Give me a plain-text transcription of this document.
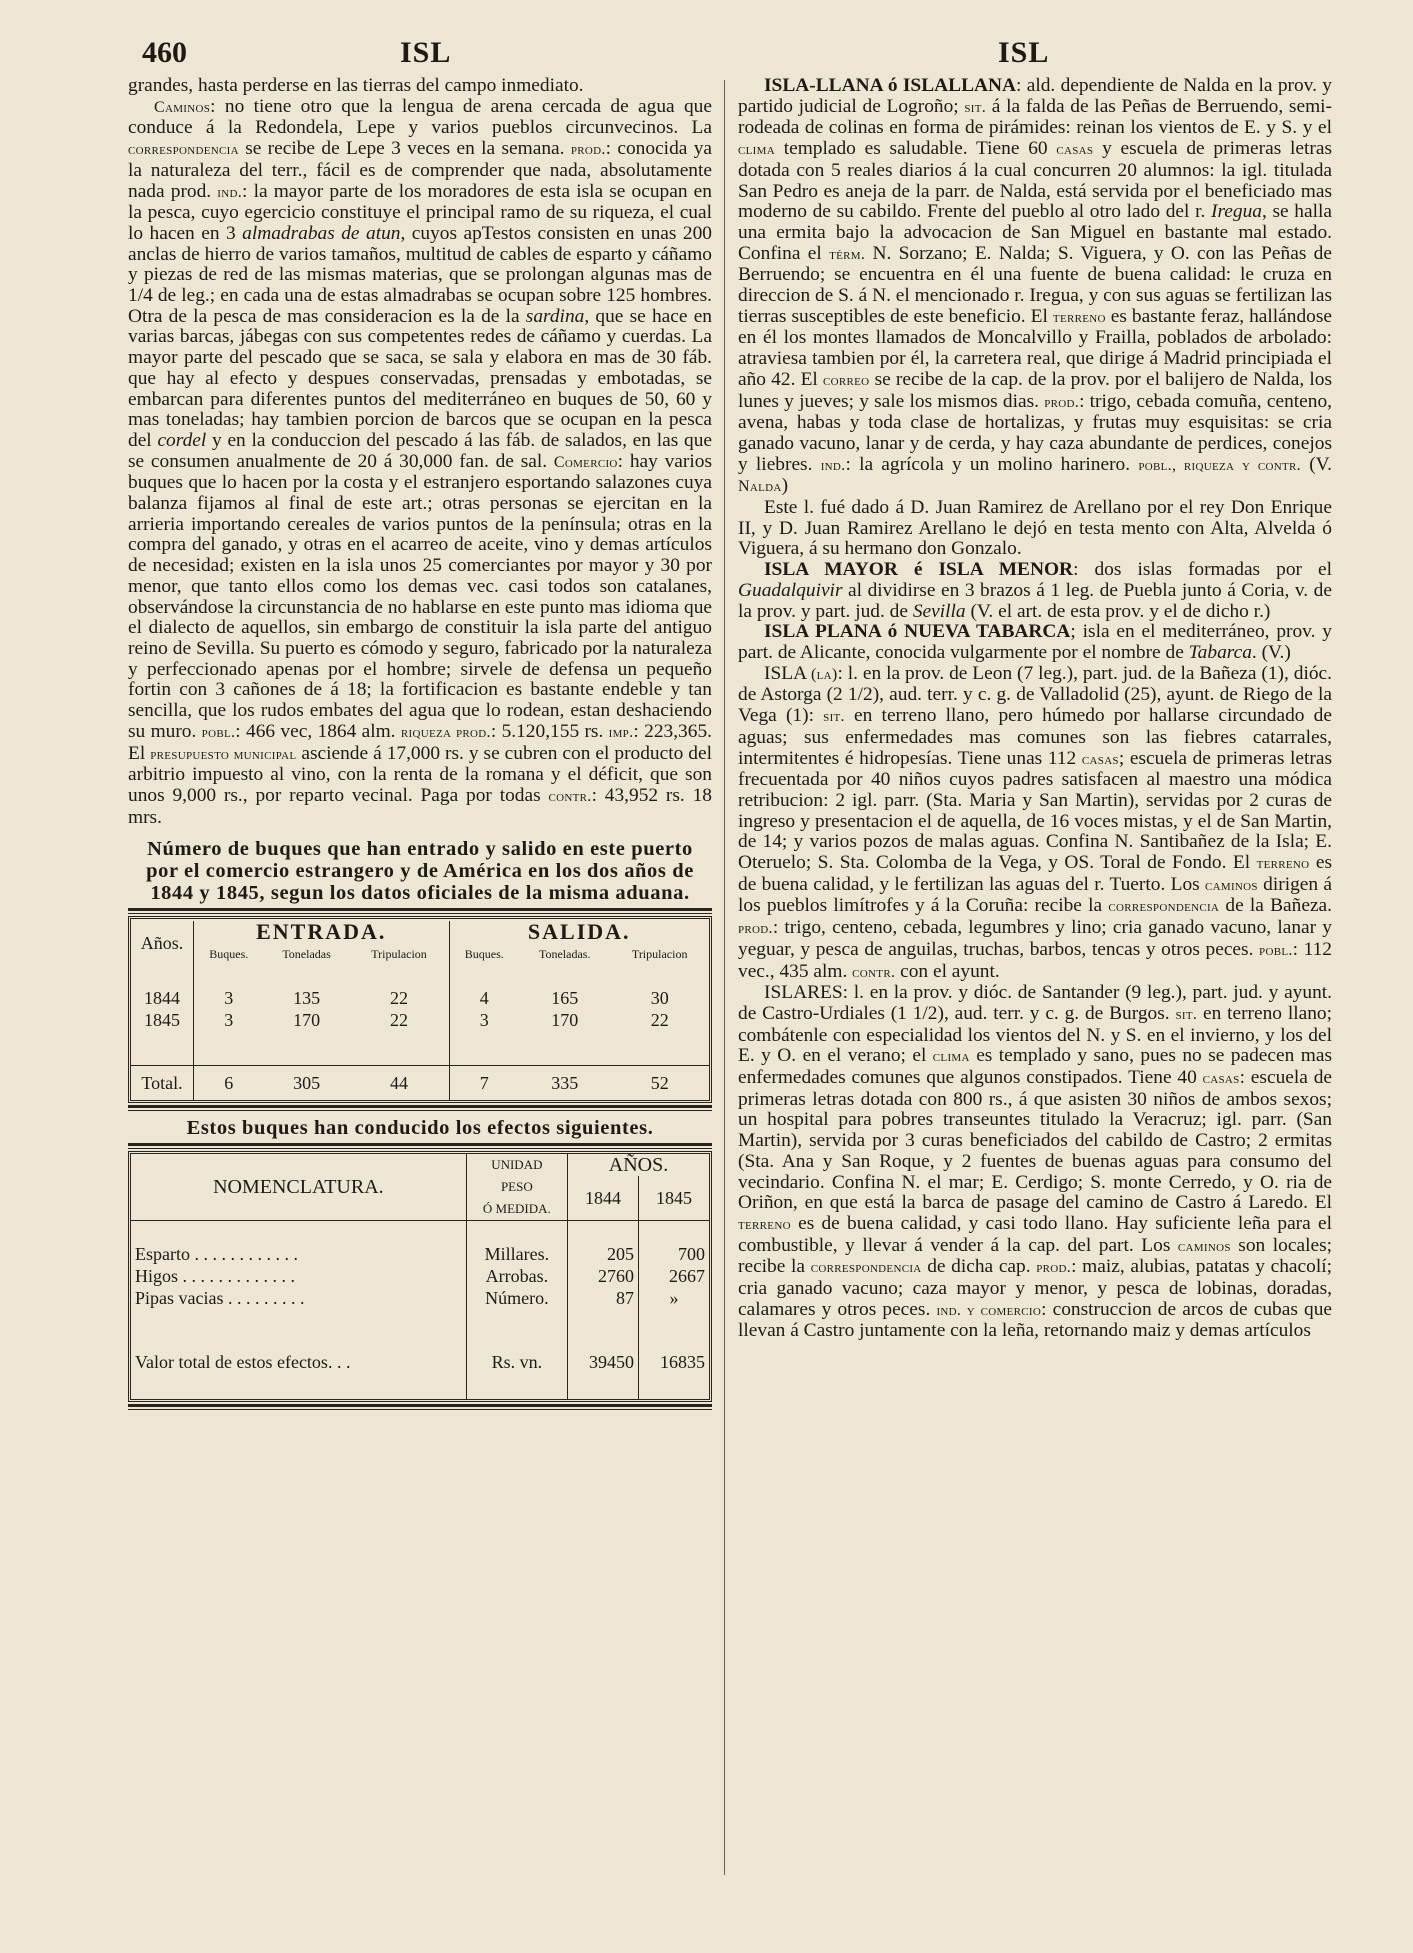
460	ISL	ISL

grandes, hasta perderse en las tierras del campo inmediato.

Caminos: no tiene otro que la lengua de arena cercada de agua que conduce á la Redondela, Lepe y varios pueblos circunvecinos. La correspondencia se recibe de Lepe 3 veces en la semana. prod.: conocida ya la naturaleza del terr., fácil es de comprender que nada, absolutamente nada prod. ind.: la mayor parte de los moradores de esta isla se ocupan en la pesca, cuyo egercicio constituye el principal ramo de su riqueza, el cual lo hacen en 3 almadrabas de atun, cuyos apTestos consisten en unas 200 anclas de hierro de varios tamaños, multitud de cables de esparto y cáñamo y piezas de red de las mismas materias, que se prolongan algunas mas de 1/4 de leg.; en cada una de estas almadrabas se ocupan sobre 125 hombres. Otra de la pesca de mas consideracion es la de la sardina, que se hace en varias barcas, jábegas con sus competentes redes de cáñamo y cuerdas. La mayor parte del pescado que se saca, se sala y elabora en mas de 30 fáb. que hay al efecto y despues conservadas, prensadas y embotadas, se embarcan para diferentes puntos del mediterráneo en buques de 50, 60 y mas toneladas; hay tambien porcion de barcos que se ocupan en la pesca del cordel y en la conduccion del pescado á las fáb. de salados, en las que se consumen anualmente de 20 á 30,000 fan. de sal. Comercio: hay varios buques que lo hacen por la costa y el estranjero esportando salazones cuya balanza fijamos al final de este art.; otras personas se ejercitan en la arrieria importando cereales de varios puntos de la península; otras en la compra del ganado, y otras en el acarreo de aceite, vino y demas artículos de necesidad; existen en la isla unos 25 comerciantes por mayor y 30 por menor, que tanto ellos como los demas vec. casi todos son catalanes, observándose la circunstancia de no hablarse en este punto mas idioma que el dialecto de aquellos, sin embargo de constituir la isla parte del antiguo reino de Sevilla. Su puerto es cómodo y seguro, fabricado por la naturaleza y perfeccionado apenas por el hombre; sirvele de defensa un pequeño fortin con 3 cañones de á 18; la fortificacion es bastante endeble y tan sencilla, que los rudos embates del agua que lo rodean, estan deshaciendo su muro. pobl.: 466 vec, 1864 alm. riqueza prod.: 5.120,155 rs. imp.: 223,365. El presupuesto municipal asciende á 17,000 rs. y se cubren con el producto del arbitrio impuesto al vino, con la renta de la romana y el déficit, que son unos 9,000 rs., por reparto vecinal. Paga por todas contr.: 43,952 rs. 18 mrs.

Número de buques que han entrado y salido en este puerto por el comercio estrangero y de América en los dos años de 1844 y 1845, segun los datos oficiales de la misma aduana.
Años.	ENTRADA.			SALIDA.		
	Buques.	Toneladas	Tripulacion	Buques.	Toneladas.	Tripulacion

1844	3	135	22	4	165	30
1845	3	170	22	3	170	22

Total.	6	305	44	7	335	52
Estos buques han conducido los efectos siguientes.
NOMENCLATURA.	UNIDAD	AÑOS.	
	PESO	1844	1845
	Ó MEDIDA.		

Esparto . . . . . . . . . . . .	Millares.	205	700
Higos . . . . . . . . . . . . .	Arrobas.	2760	2667
Pipas vacias . . . . . . . . .	Número.	87	»

Valor total de estos efectos. . .	Rs. vn.	39450	16835

ISLA-LLANA ó ISLALLANA: ald. dependiente de Nalda en la prov. y partido judicial de Logroño; sit. á la falda de las Peñas de Berruendo, semi-rodeada de colinas en forma de pirámides: reinan los vientos de E. y S. y el clima templado es saludable. Tiene 60 casas y escuela de primeras letras dotada con 5 reales diarios á la cual concurren 20 alumnos: la igl. titulada San Pedro es aneja de la parr. de Nalda, está servida por el beneficiado mas moderno de su cabildo. Frente del pueblo al otro lado del r. Iregua, se halla una ermita bajo la advocacion de San Miguel en bastante mal estado. Confina el térm. N. Sorzano; E. Nalda; S. Viguera, y O. con las Peñas de Berruendo; se encuentra en él una fuente de buena calidad: le cruza en direccion de S. á N. el mencionado r. Iregua, y con sus aguas se fertilizan las tierras susceptibles de este beneficio. El terreno es bastante feraz, hallándose en él los montes llamados de Moncalvillo y Frailla, poblados de arbolado: atraviesa tambien por él, la carretera real, que dirige á Madrid principiada el año 42. El correo se recibe de la cap. de la prov. por el balijero de Nalda, los lunes y jueves; y sale los mismos dias. prod.: trigo, cebada comuña, centeno, avena, habas y toda clase de hortalizas, y frutas muy esquisitas: se cria ganado vacuno, lanar y de cerda, y hay caza abundante de perdices, conejos y liebres. ind.: la agrícola y un molino harinero. pobl., riqueza y contr. (V. Nalda)

Este l. fué dado á D. Juan Ramirez de Arellano por el rey Don Enrique II, y D. Juan Ramirez Arellano le dejó en testa mento con Alta, Alvelda ó Viguera, á su hermano don Gonzalo.

ISLA MAYOR é ISLA MENOR: dos islas formadas por el Guadalquivir al dividirse en 3 brazos á 1 leg. de Puebla junto á Coria, v. de la prov. y part. jud. de Sevilla (V. el art. de esta prov. y el de dicho r.)

ISLA PLANA ó NUEVA TABARCA; isla en el mediterráneo, prov. y part. de Alicante, conocida vulgarmente por el nombre de Tabarca. (V.)

ISLA (la): l. en la prov. de Leon (7 leg.), part. jud. de la Bañeza (1), dióc. de Astorga (2 1/2), aud. terr. y c. g. de Valladolid (25), ayunt. de Riego de la Vega (1): sit. en terreno llano, pero húmedo por hallarse circundado de aguas; sus enfermedades mas comunes son las fiebres catarrales, intermitentes é hidropesías. Tiene unas 112 casas; escuela de primeras letras frecuentada por 40 niños cuyos padres satisfacen al maestro una módica retribucion: 2 igl. parr. (Sta. Maria y San Martin), servidas por 2 curas de ingreso y presentacion el de aquella, de 16 voces mistas, y el de San Martin, de 14; y varios pozos de malas aguas. Confina N. Santibañez de la Isla; E. Oteruelo; S. Sta. Colomba de la Vega, y OS. Toral de Fondo. El terreno es de buena calidad, y le fertilizan las aguas del r. Tuerto. Los caminos dirigen á los pueblos limítrofes y á la Coruña: recibe la correspondencia de la Bañeza. prod.: trigo, centeno, cebada, legumbres y lino; cria ganado vacuno, lanar y yeguar, y pesca de anguilas, truchas, barbos, tencas y otros peces. pobl.: 112 vec., 435 alm. contr. con el ayunt.

ISLARES: l. en la prov. y dióc. de Santander (9 leg.), part. jud. y ayunt. de Castro-Urdiales (1 1/2), aud. terr. y c. g. de Burgos. sit. en terreno llano; combátenle con especialidad los vientos del N. y S. en el invierno, y los del E. y O. en el verano; el clima es templado y sano, pues no se padecen mas enfermedades comunes que algunos constipados. Tiene 40 casas: escuela de primeras letras dotada con 800 rs., á que asisten 30 niños de ambos sexos; un hospital para pobres transeuntes titulado la Veracruz; igl. parr. (San Martin), servida por 3 curas beneficiados del cabildo de Castro; 2 ermitas (Sta. Ana y San Roque, y 2 fuentes de buenas aguas para consumo del vecindario. Confina N. el mar; E. Cerdigo; S. monte Cerredo, y O. ria de Oriñon, en que está la barca de pasage del camino de Castro á Laredo. El terreno es de buena calidad, y casi todo llano. Hay suficiente leña para el combustible, y llevar á vender á la cap. del part. Los caminos son locales; recibe la correspondencia de dicha cap. prod.: maiz, alubias, patatas y chacolí; cria ganado vacuno; caza mayor y menor, y pesca de lobinas, doradas, calamares y otros peces. ind. y comercio: construccion de arcos de cubas que llevan á Castro juntamente con la leña, retornando maiz y demas artículos
